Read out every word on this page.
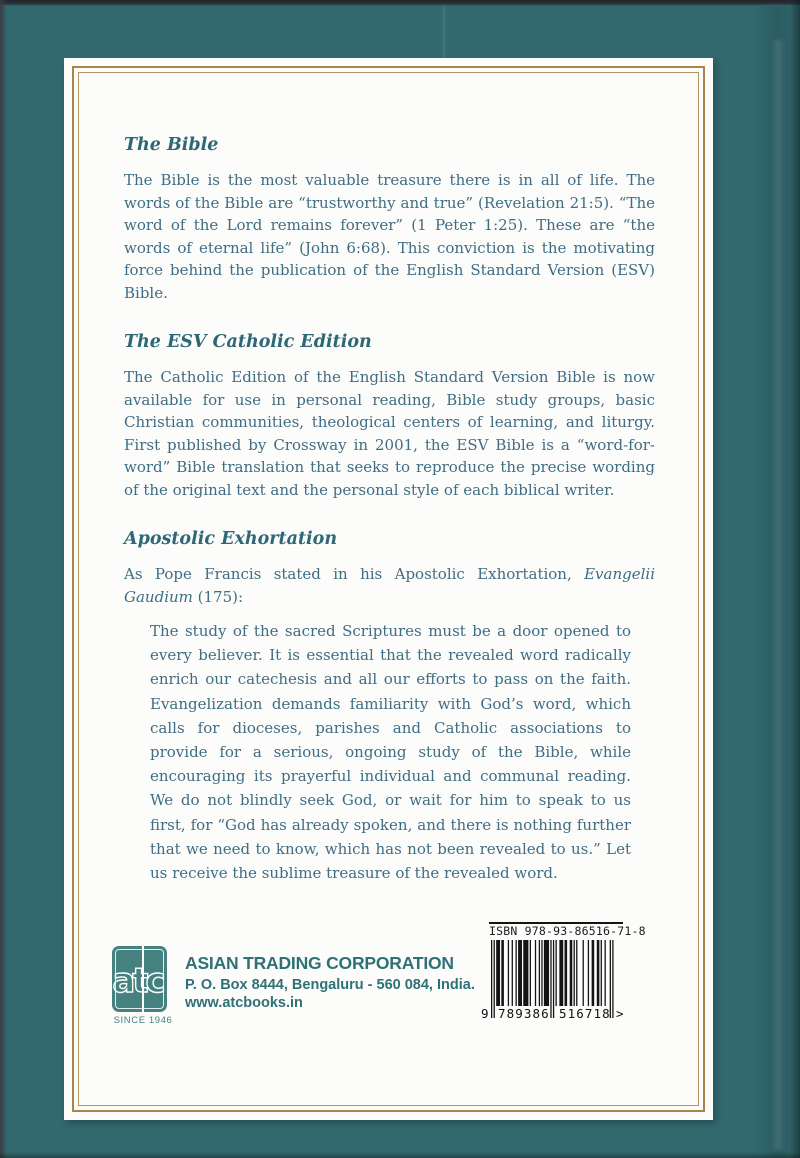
The Bible

The Bible is the most valuable treasure there is in all of life. The words of the Bible are “trustworthy and true” (Revelation 21:5). “The word of the Lord remains forever” (1 Peter 1:25). These are “the words of eternal life” (John 6:68). This conviction is the motivating force behind the publication of the English Standard Version (ESV) Bible.

The ESV Catholic Edition

The Catholic Edition of the English Standard Version Bible is now available for use in personal reading, Bible study groups, basic Christian communities, theological centers of learning, and liturgy. First published by Crossway in 2001, the ESV Bible is a “word-for-word” Bible translation that seeks to reproduce the precise wording of the original text and the personal style of each biblical writer.

Apostolic Exhortation

As Pope Francis stated in his Apostolic Exhortation, Evangelii Gaudium (175):

The study of the sacred Scriptures must be a door opened to every believer. It is essential that the revealed word radically enrich our catechesis and all our efforts to pass on the faith. Evangelization demands familiarity with God’s word, which calls for dioceses, parishes and Catholic associations to provide for a serious, ongoing study of the Bible, while encouraging its prayerful individual and communal reading. We do not blindly seek God, or wait for him to speak to us first, for “God has already spoken, and there is nothing further that we need to know, which has not been revealed to us.” Let us receive the sublime treasure of the revealed word.
atc
SINCE 1946
ASIAN TRADING CORPORATION
P. O. Box 8444, Bengaluru - 560 084, India.
www.atcbooks.in
ISBN 978-93-86516-71-8
9 789386 516718 >
